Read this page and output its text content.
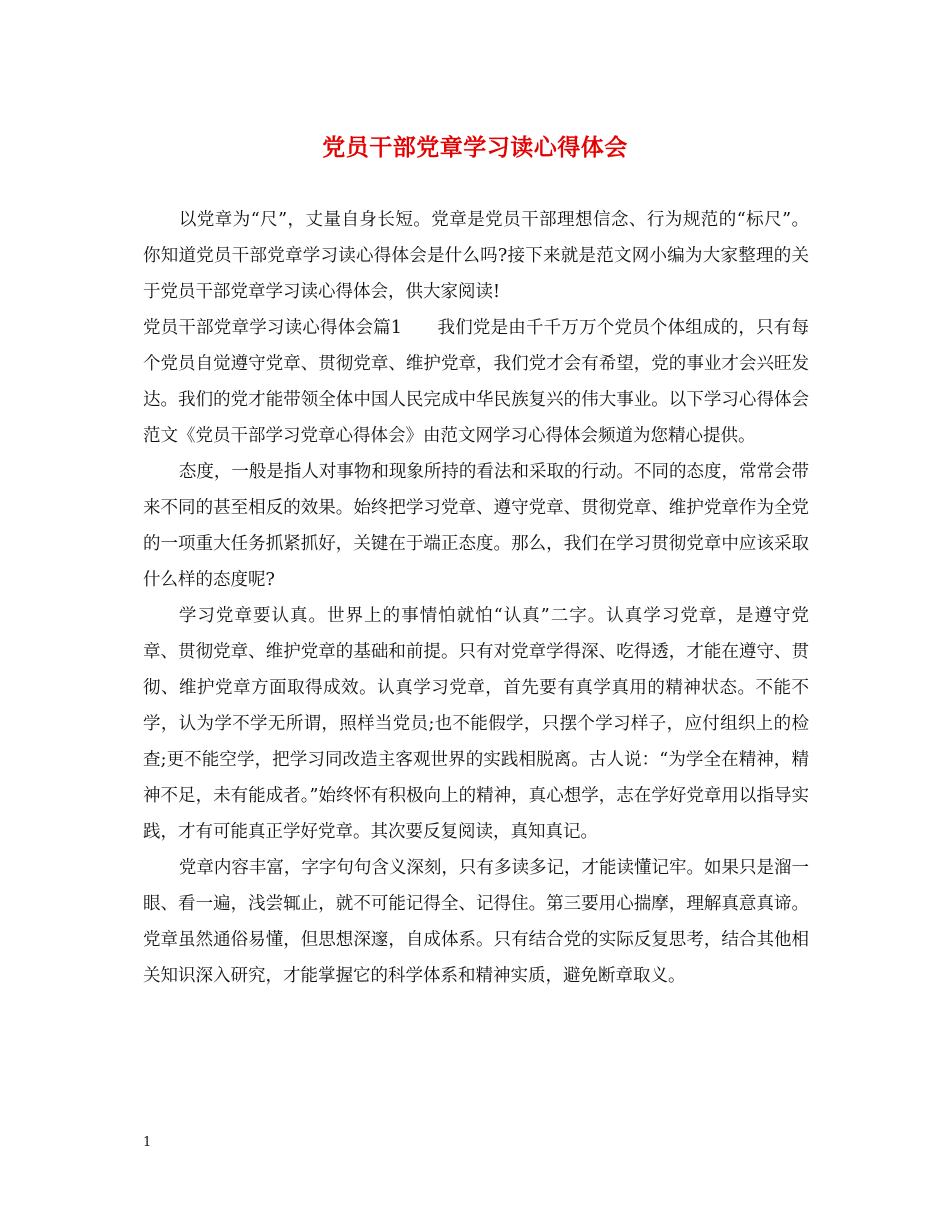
党员干部党章学习读心得体会

以党章为“尺”，丈量自身长短。党章是党员干部理想信念、行为规范的“标尺”。你知道党员干部党章学习读心得体会是什么吗?接下来就是范文网小编为大家整理的关于党员干部党章学习读心得体会，供大家阅读!

党员干部党章学习读心得体会篇1　　我们党是由千千万万个党员个体组成的，只有每个党员自觉遵守党章、贯彻党章、维护党章，我们党才会有希望，党的事业才会兴旺发达。我们的党才能带领全体中国人民完成中华民族复兴的伟大事业。以下学习心得体会范文《党员干部学习党章心得体会》由范文网学习心得体会频道为您精心提供。

态度，一般是指人对事物和现象所持的看法和采取的行动。不同的态度，常常会带来不同的甚至相反的效果。始终把学习党章、遵守党章、贯彻党章、维护党章作为全党的一项重大任务抓紧抓好，关键在于端正态度。那么，我们在学习贯彻党章中应该采取什么样的态度呢?

学习党章要认真。世界上的事情怕就怕“认真”二字。认真学习党章，是遵守党章、贯彻党章、维护党章的基础和前提。只有对党章学得深、吃得透，才能在遵守、贯彻、维护党章方面取得成效。认真学习党章，首先要有真学真用的精神状态。不能不学，认为学不学无所谓，照样当党员;也不能假学，只摆个学习样子，应付组织上的检查;更不能空学，把学习同改造主客观世界的实践相脱离。古人说：“为学全在精神，精神不足，未有能成者。”始终怀有积极向上的精神，真心想学，志在学好党章用以指导实践，才有可能真正学好党章。其次要反复阅读，真知真记。

党章内容丰富，字字句句含义深刻，只有多读多记，才能读懂记牢。如果只是溜一眼、看一遍，浅尝辄止，就不可能记得全、记得住。第三要用心揣摩，理解真意真谛。党章虽然通俗易懂，但思想深邃，自成体系。只有结合党的实际反复思考，结合其他相关知识深入研究，才能掌握它的科学体系和精神实质，避免断章取义。

1
